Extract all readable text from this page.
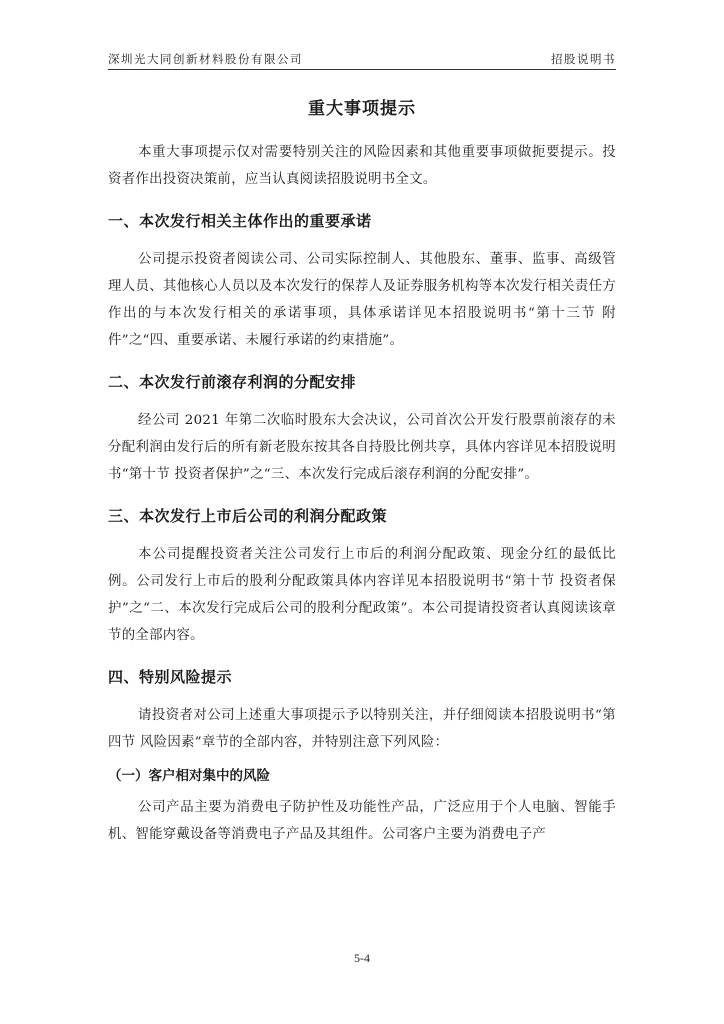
深圳光大同创新材料股份有限公司	招股说明书
重大事项提示

本重大事项提示仅对需要特别关注的风险因素和其他重要事项做扼要提示。投资者作出投资决策前，应当认真阅读招股说明书全文。

一、本次发行相关主体作出的重要承诺

公司提示投资者阅读公司、公司实际控制人、其他股东、董事、监事、高级管理人员、其他核心人员以及本次发行的保荐人及证券服务机构等本次发行相关责任方作出的与本次发行相关的承诺事项，具体承诺详见本招股说明书“第十三节 附件”之“四、重要承诺、未履行承诺的约束措施”。

二、本次发行前滚存利润的分配安排

经公司 2021 年第二次临时股东大会决议，公司首次公开发行股票前滚存的未分配利润由发行后的所有新老股东按其各自持股比例共享，具体内容详见本招股说明书“第十节 投资者保护”之“三、本次发行完成后滚存利润的分配安排”。

三、本次发行上市后公司的利润分配政策

本公司提醒投资者关注公司发行上市后的利润分配政策、现金分红的最低比例。公司发行上市后的股利分配政策具体内容详见本招股说明书“第十节 投资者保护”之“二、本次发行完成后公司的股利分配政策”。本公司提请投资者认真阅读该章节的全部内容。

四、特别风险提示

请投资者对公司上述重大事项提示予以特别关注，并仔细阅读本招股说明书“第四节 风险因素”章节的全部内容，并特别注意下列风险：

（一）客户相对集中的风险

公司产品主要为消费电子防护性及功能性产品，广泛应用于个人电脑、智能手机、智能穿戴设备等消费电子产品及其组件。公司客户主要为消费电子产

5-4
